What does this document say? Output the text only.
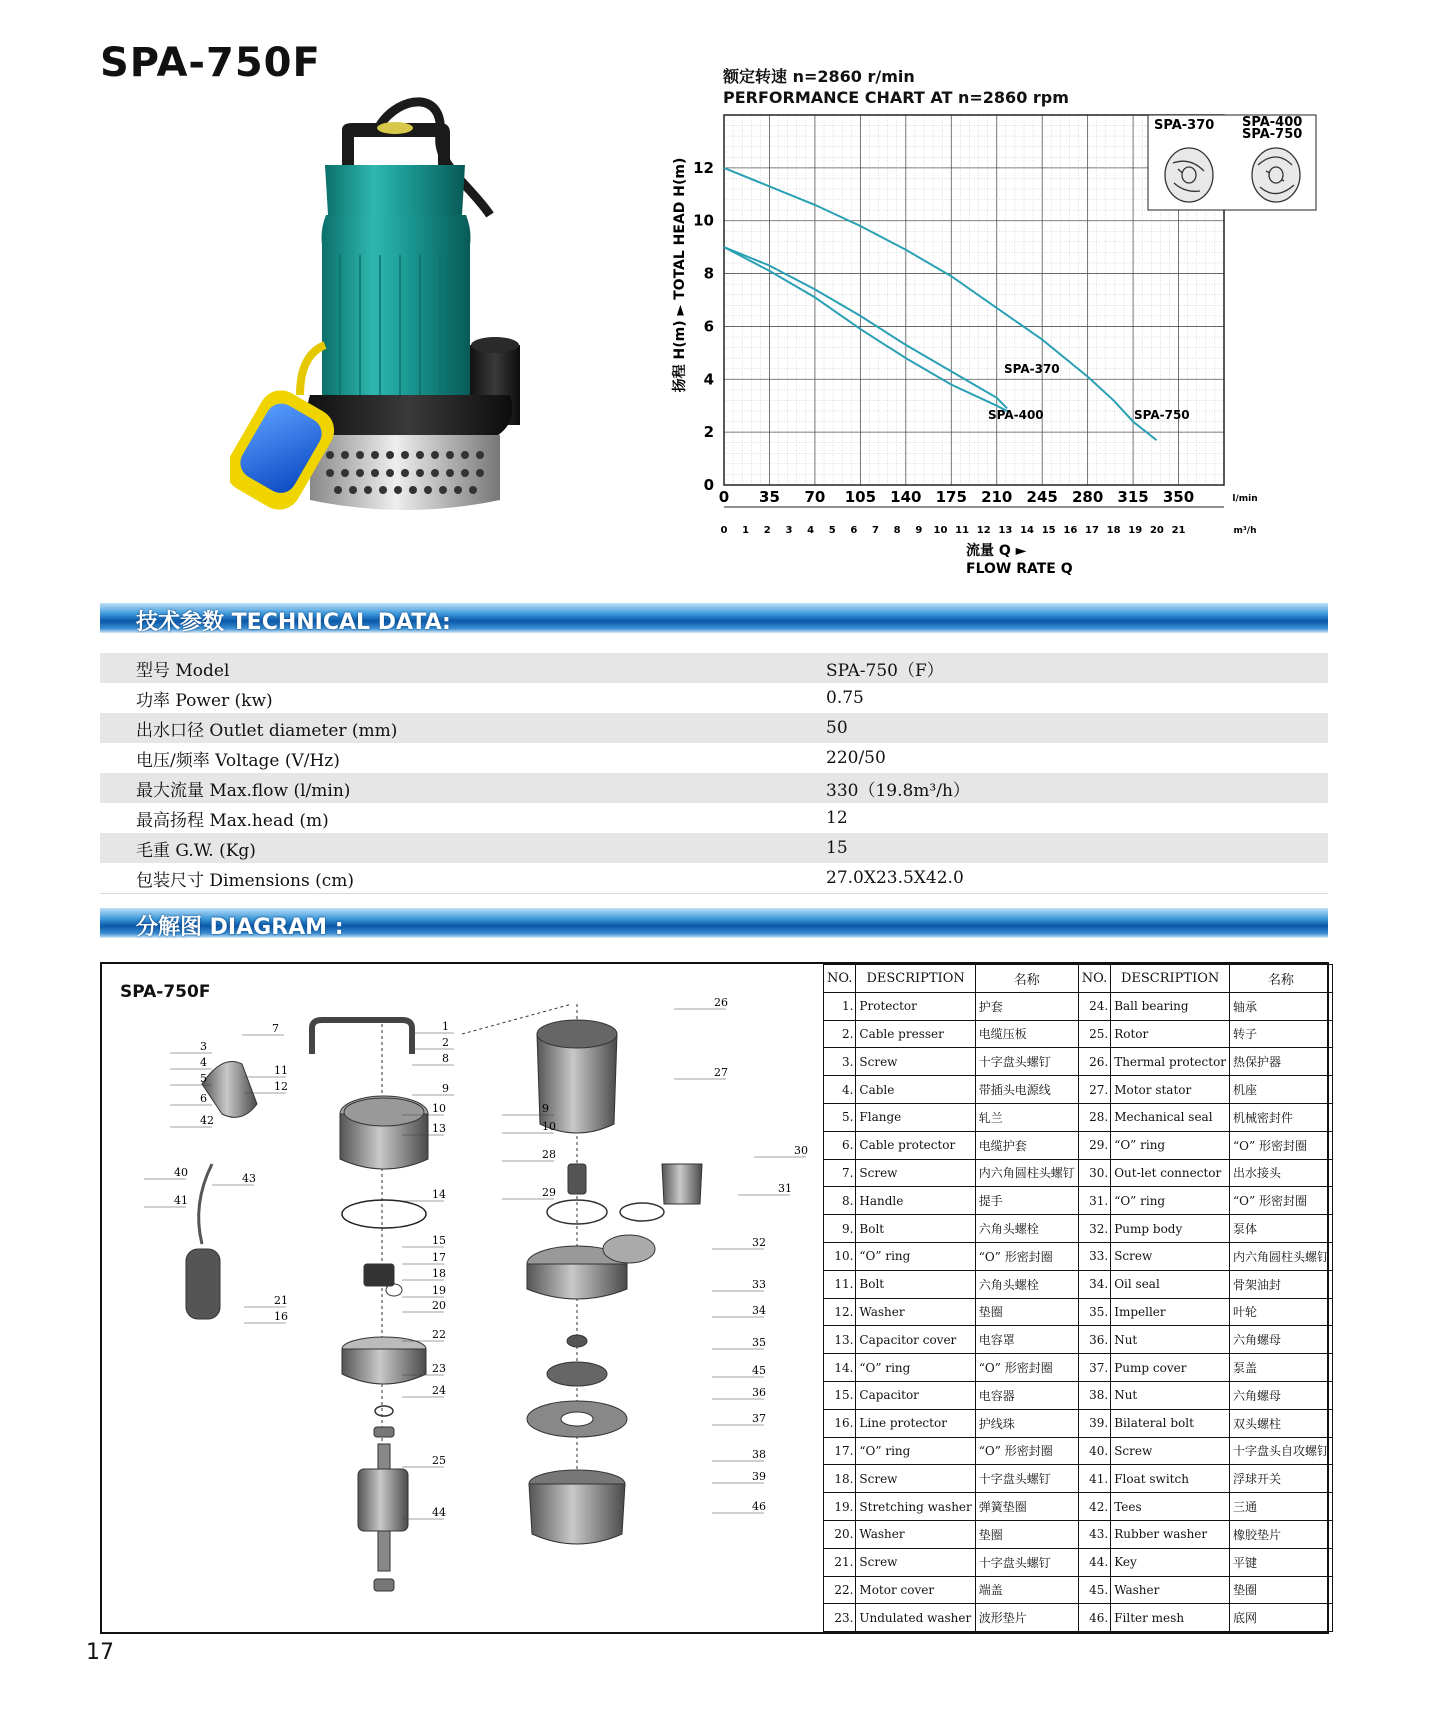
SPA-750F	额定转速 n=2860 r/min
PERFORMANCE CHART AT n=2860 rpm
0
2
4
6
8
10
12
0 35 70 105 140 175 210 245 280 315 350
0 1 2 3 4 5 6 7 8 9 10 11 12 13 14 15 16 17 18 19 20 21
l/min
m³/h
扬程 H(m) ► TOTAL HEAD H(m)
流量 Q ►
FLOW RATE Q
SPA-370
SPA-400	SPA-750
SPA-370 SPA-400
SPA-750
技术参数 TECHNICAL DATA:
型号 Model	SPA-750（F）
功率 Power (kw)	0.75
出水口径 Outlet diameter (mm)	50
电压/频率 Voltage (V/Hz)	220/50
最大流量 Max.flow (l/min)	330（19.8m³/h）
最高扬程 Max.head (m)	12
毛重 G.W. (Kg)	15
包装尺寸 Dimensions (cm)	27.0X23.5X42.0
分解图 DIAGRAM :
SPA-750F
1
2
3
4
5
6
7
8
9
10
11
12
13
14
15
16
17
18
19
20
21
22
23
24
25
40
41
42
43
44
9
10
26
27
28
29
30
31
32
33
34
35
36
37
38
39
45
46
NO.	DESCRIPTION	名称	NO.	DESCRIPTION	名称
1.	Protector	护套	24.	Ball bearing	轴承
2.	Cable presser	电缆压板	25.	Rotor	转子
3.	Screw	十字盘头螺钉	26.	Thermal protector	热保护器
4.	Cable	带插头电源线	27.	Motor stator	机座
5.	Flange	轧兰	28.	Mechanical seal	机械密封件
6.	Cable protector	电缆护套	29.	“O” ring	“O” 形密封圈
7.	Screw	内六角圆柱头螺钉	30.	Out-let connector	出水接头
8.	Handle	提手	31.	“O” ring	“O” 形密封圈
9.	Bolt	六角头螺栓	32.	Pump body	泵体
10.	“O” ring	“O” 形密封圈	33.	Screw	内六角圆柱头螺钉
11.	Bolt	六角头螺栓	34.	Oil seal	骨架油封
12.	Washer	垫圈	35.	Impeller	叶轮
13.	Capacitor cover	电容罩	36.	Nut	六角螺母
14.	“O” ring	“O” 形密封圈	37.	Pump cover	泵盖
15.	Capacitor	电容器	38.	Nut	六角螺母
16.	Line protector	护线珠	39.	Bilateral bolt	双头螺柱
17.	“O” ring	“O” 形密封圈	40.	Screw	十字盘头自攻螺钉
18.	Screw	十字盘头螺钉	41.	Float switch	浮球开关
19.	Stretching washer	弹簧垫圈	42.	Tees	三通
20.	Washer	垫圈	43.	Rubber washer	橡胶垫片
21.	Screw	十字盘头螺钉	44.	Key	平键
22.	Motor cover	端盖	45.	Washer	垫圈
23.	Undulated washer	波形垫片	46.	Filter mesh	底网
17
